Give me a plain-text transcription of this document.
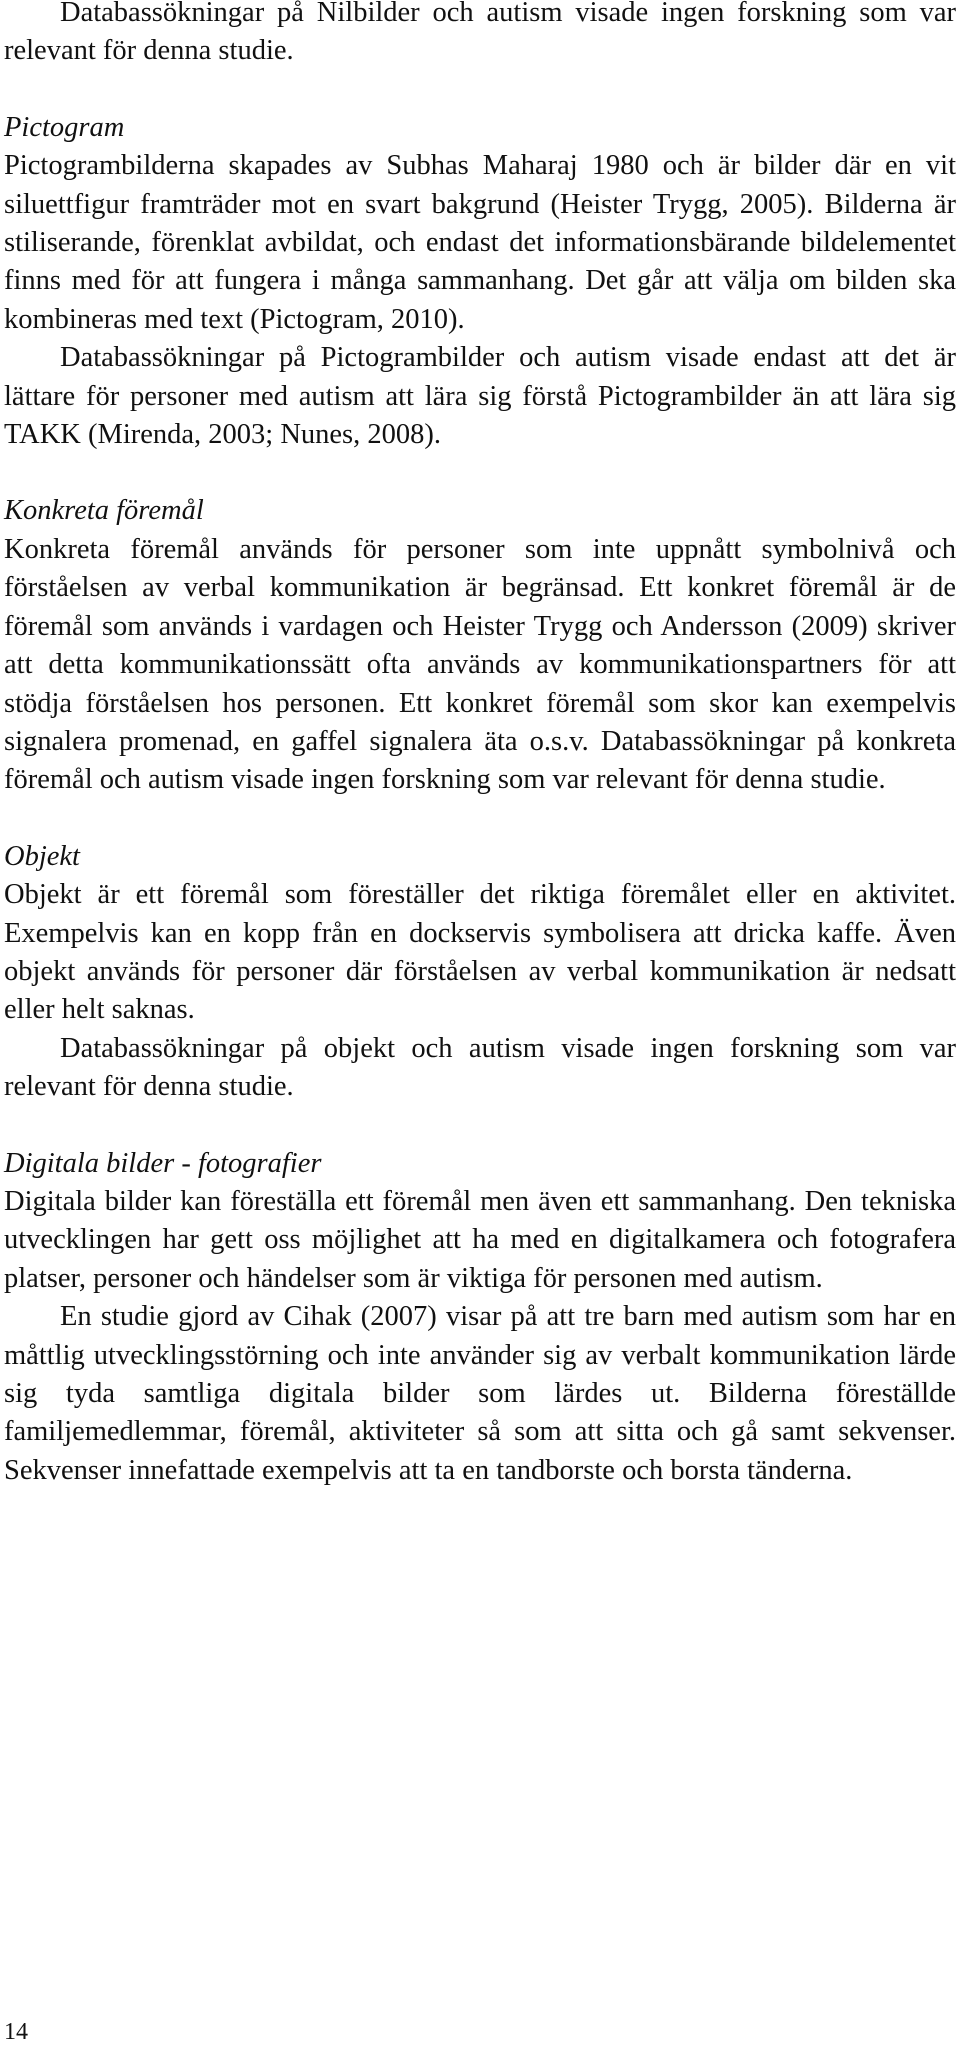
Databassökningar på Nilbilder och autism visade ingen forskning som var relevant för denna studie.

Pictogram

Pictogrambilderna skapades av Subhas Maharaj 1980 och är bilder där en vit siluettfigur framträder mot en svart bakgrund (Heister Trygg, 2005). Bilderna är stiliserande, förenklat avbildat, och endast det informationsbärande bildelementet finns med för att fungera i många sammanhang. Det går att välja om bilden ska kombineras med text (Pictogram, 2010).

Databassökningar på Pictogrambilder och autism visade endast att det är lättare för personer med autism att lära sig förstå Pictogrambilder än att lära sig TAKK (Mirenda, 2003; Nunes, 2008).

Konkreta föremål

Konkreta föremål används för personer som inte uppnått symbolnivå och förståelsen av verbal kommunikation är begränsad. Ett konkret föremål är de föremål som används i vardagen och Heister Trygg och Andersson (2009) skriver att detta kommunikationssätt ofta används av kommunikationspartners för att stödja förståelsen hos personen. Ett konkret föremål som skor kan exempelvis signalera promenad, en gaffel signalera äta o.s.v. Databassökningar på konkreta föremål och autism visade ingen forskning som var relevant för denna studie.

Objekt

Objekt är ett föremål som föreställer det riktiga föremålet eller en aktivitet. Exempelvis kan en kopp från en dockservis symbolisera att dricka kaffe. Även objekt används för personer där förståelsen av verbal kommunikation är nedsatt eller helt saknas.

Databassökningar på objekt och autism visade ingen forskning som var relevant för denna studie.

Digitala bilder - fotografier

Digitala bilder kan föreställa ett föremål men även ett sammanhang. Den tekniska utvecklingen har gett oss möjlighet att ha med en digitalkamera och fotografera platser, personer och händelser som är viktiga för personen med autism.

En studie gjord av Cihak (2007) visar på att tre barn med autism som har en måttlig utvecklingsstörning och inte använder sig av verbalt kommunikation lärde sig tyda samtliga digitala bilder som lärdes ut. Bilderna föreställde familjemedlemmar, föremål, aktiviteter så som att sitta och gå samt sekvenser. Sekvenser innefattade exempelvis att ta en tandborste och borsta tänderna.

14
